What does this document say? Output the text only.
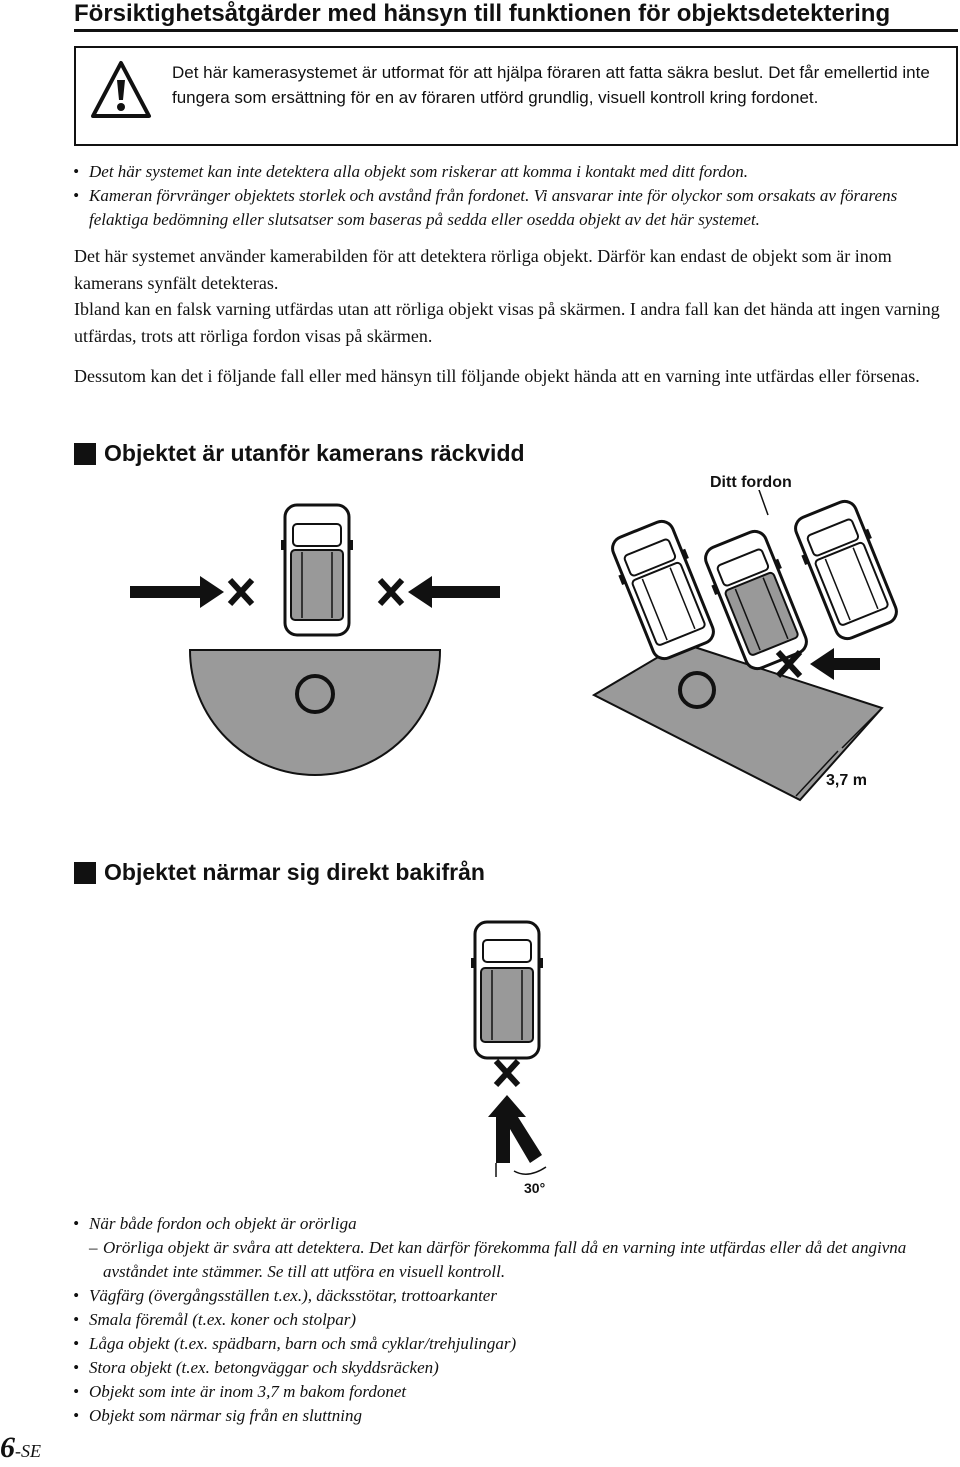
Försiktighetsåtgärder med hänsyn till funktionen för objektsdetektering
Det här kamerasystemet är utformat för att hjälpa föraren att fatta säkra beslut. Det får emellertid inte fungera som ersättning för en av föraren utförd grundlig, visuell kontroll kring fordonet.
• Det här systemet kan inte detektera alla objekt som riskerar att komma i kontakt med ditt fordon.
• Kameran förvränger objektets storlek och avstånd från fordonet. Vi ansvarar inte för olyckor som orsakats av förarens felaktiga bedömning eller slutsatser som baseras på sedda eller osedda objekt av det här systemet.
Det här systemet använder kamerabilden för att detektera rörliga objekt. Därför kan endast de objekt som är inom kamerans synfält detekteras.
Ibland kan en falsk varning utfärdas utan att rörliga objekt visas på skärmen. I andra fall kan det hända att ingen varning utfärdas, trots att rörliga fordon visas på skärmen.
Dessutom kan det i följande fall eller med hänsyn till följande objekt hända att en varning inte utfärdas eller försenas.
Objektet är utanför kamerans räckvidd
Ditt fordon
3,7 m
Objektet närmar sig direkt bakifrån
30°
• När både fordon och objekt är orörliga
– Orörliga objekt är svåra att detektera. Det kan därför förekomma fall då en varning inte utfärdas eller då det angivna avståndet inte stämmer. Se till att utföra en visuell kontroll.
• Vägfärg (övergångsställen t.ex.), däcksstötar, trottoarkanter
• Smala föremål (t.ex. koner och stolpar)
• Låga objekt (t.ex. spädbarn, barn och små cyklar/trehjulingar)
• Stora objekt (t.ex. betongväggar och skyddsräcken)
• Objekt som inte är inom 3,7 m bakom fordonet
• Objekt som närmar sig från en sluttning
6-SE
